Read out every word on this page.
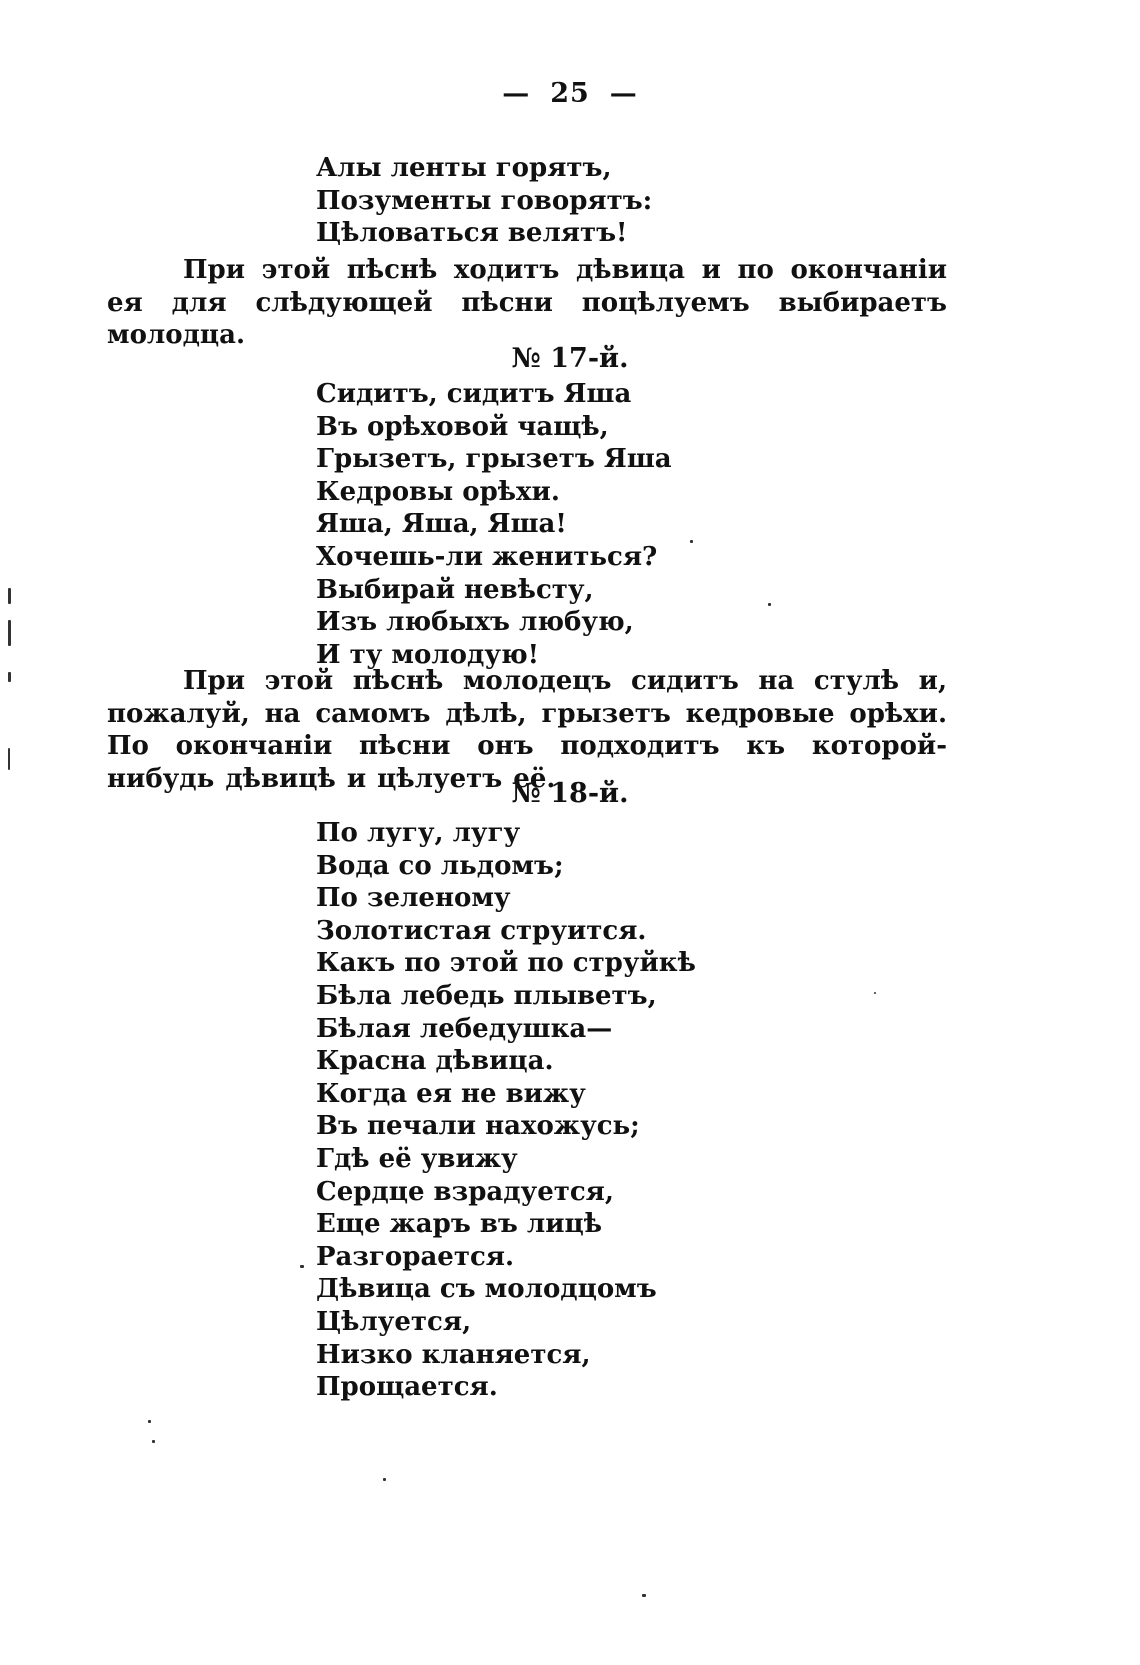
— 25 —
Алы ленты горятъ,
Позументы говорятъ:
Цѣловаться велятъ!

При этой пѣснѣ ходитъ дѣвица и по окончанiи ея для слѣдующей пѣсни поцѣлуемъ выбираетъ молодца.

№ 17-й.
Сидитъ, сидитъ Яша
Въ орѣховой чащѣ,
Грызетъ, грызетъ Яша
Кедровы орѣхи.
Яша, Яша, Яша!
Хочешь-ли жениться?
Выбирай невѣсту,
Изъ любыхъ любую,
И ту молодую!

При этой пѣснѣ молодецъ сидитъ на стулѣ и, пожалуй, на самомъ дѣлѣ, грызетъ кедровые орѣхи. По окончанiи пѣсни онъ подходитъ къ которой-нибудь дѣвицѣ и цѣлуетъ её.

№ 18-й.
По лугу, лугу
Вода со льдомъ;
По зеленому
Золотистая струится.
Какъ по этой по струйкѣ
Бѣла лебедь плыветъ,
Бѣлая лебедушка—
Красна дѣвица.
Когда ея не вижу
Въ печали нахожусь;
Гдѣ её увижу
Сердце взрадуется,
Еще жаръ въ лицѣ
Разгорается.
Дѣвица съ молодцомъ
Цѣлуется,
Низко кланяется,
Прощается.
